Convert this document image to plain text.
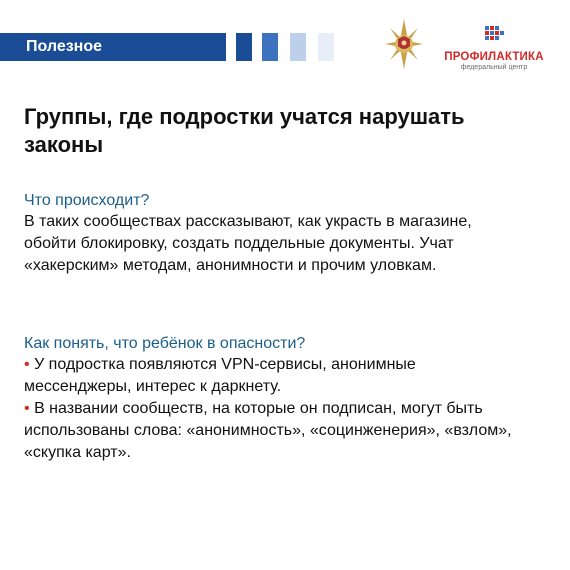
Полезное
ПРОФИЛАКТИКА
федеральный центр
Группы, где подростки учатся нарушать законы
Что происходит?
В таких сообществах рассказывают, как украсть в магазине, обойти блокировку, создать поддельные документы. Учат «хакерским» методам, анонимности и прочим уловкам.
Как понять, что ребёнок в опасности?
• У подростка появляются VPN-сервисы, анонимные мессенджеры, интерес к даркнету.
• В названии сообществ, на которые он подписан, могут быть использованы слова: «анонимность», «социнженерия», «взлом», «скупка карт».
